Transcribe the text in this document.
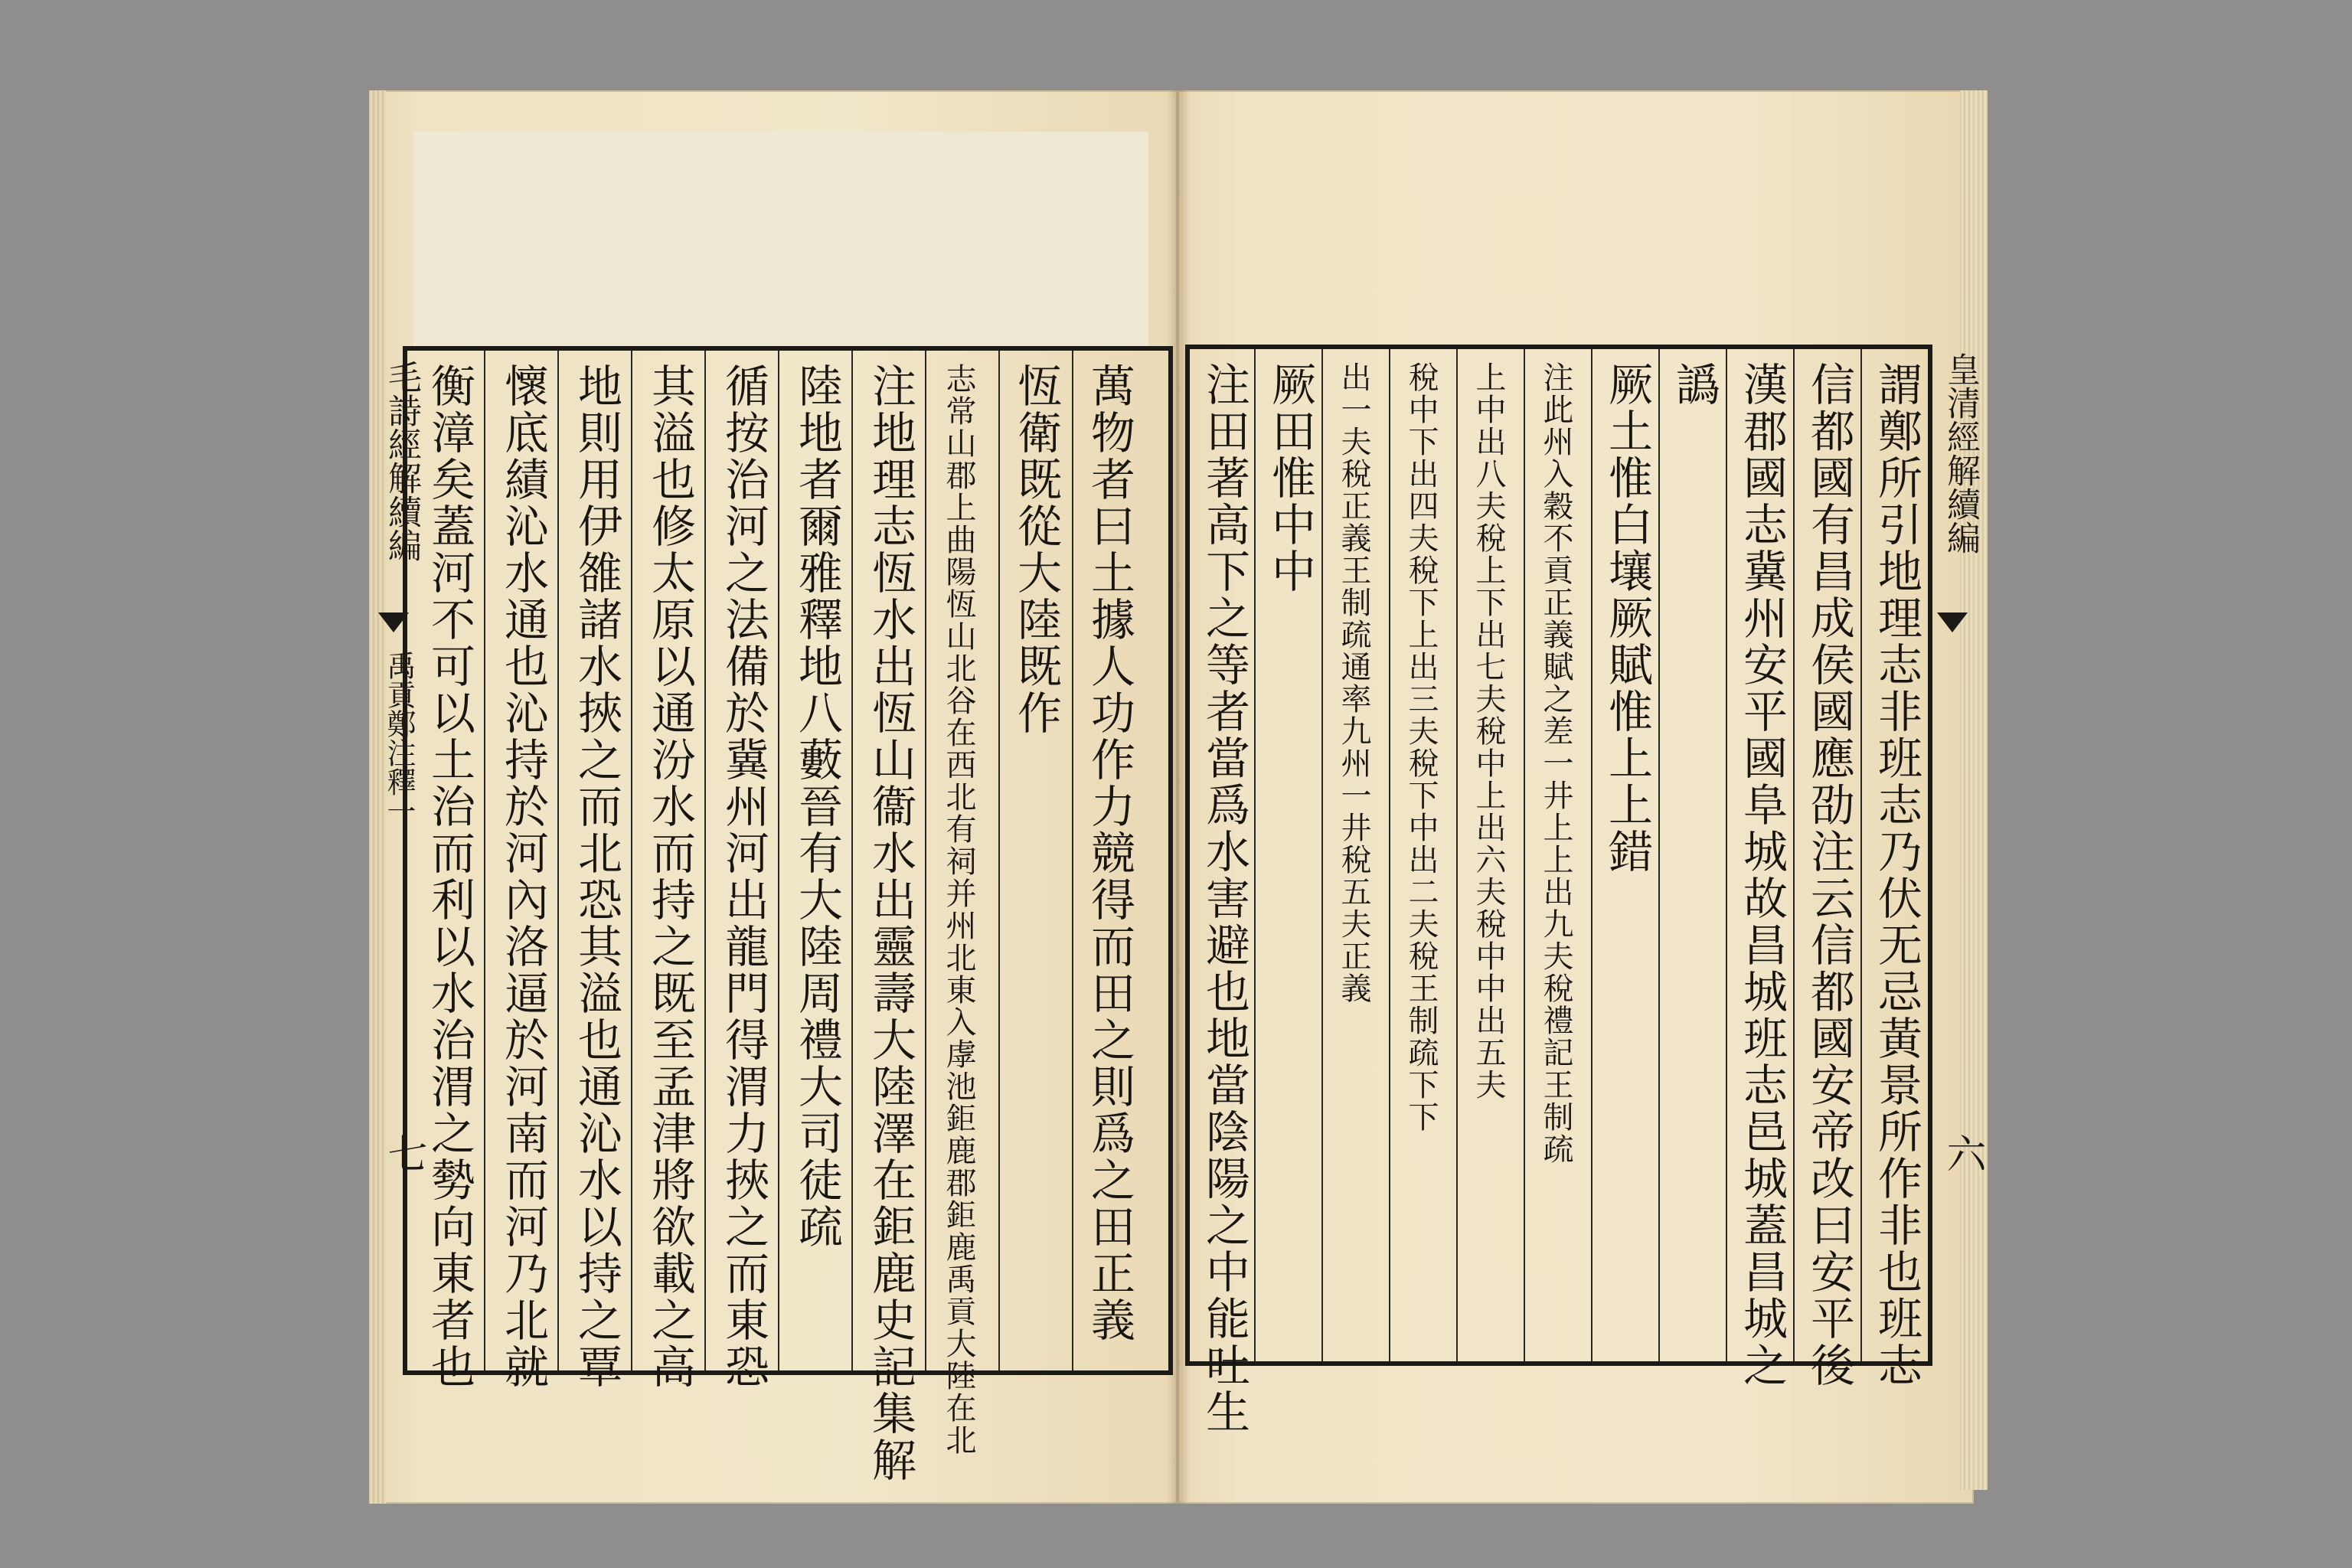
萬物者曰土據人功作力競得而田之則爲之田正義
恆衛既從大陸既作
志常山郡上曲陽恆山北谷在西北有祠并州北東入虖池鉅鹿郡鉅鹿禹貢大陸在北
注地理志恆水出恆山衞水出靈壽大陸澤在鉅鹿史記集解
陸地者爾雅釋地八藪晉有大陸周禮大司徒疏
循按治河之法備於冀州河出龍門得渭力挾之而東恐
其溢也修太原以通汾水而持之既至孟津將欲載之高
地則用伊雒諸水挾之而北恐其溢也通沁水以持之覃
懷底績沁水通也沁持於河內洛逼於河南而河乃北就
衡漳矣蓋河不可以土治而利以水治渭之勢向東者也
毛詩經解續編
禹貢鄭注釋一
七	謂鄭所引地理志非班志乃伏无忌黃景所作非也班志
信都國有昌成侯國應劭注云信都國安帝改曰安平後
漢郡國志冀州安平國阜城故昌城班志邑城蓋昌城之
譌
厥土惟白壤厥賦惟上上錯
注此州入穀不貢正義賦之差一井上上出九夫稅禮記王制疏
上中出八夫稅上下出七夫稅中上出六夫稅中中出五夫
稅中下出四夫稅下上出三夫稅下中出二夫稅王制疏下下
出一夫稅正義王制疏通率九州一井稅五夫正義
厥田惟中中
注田著高下之等者當爲水害避也地當陰陽之中能吐生	皇清經解續編
六
